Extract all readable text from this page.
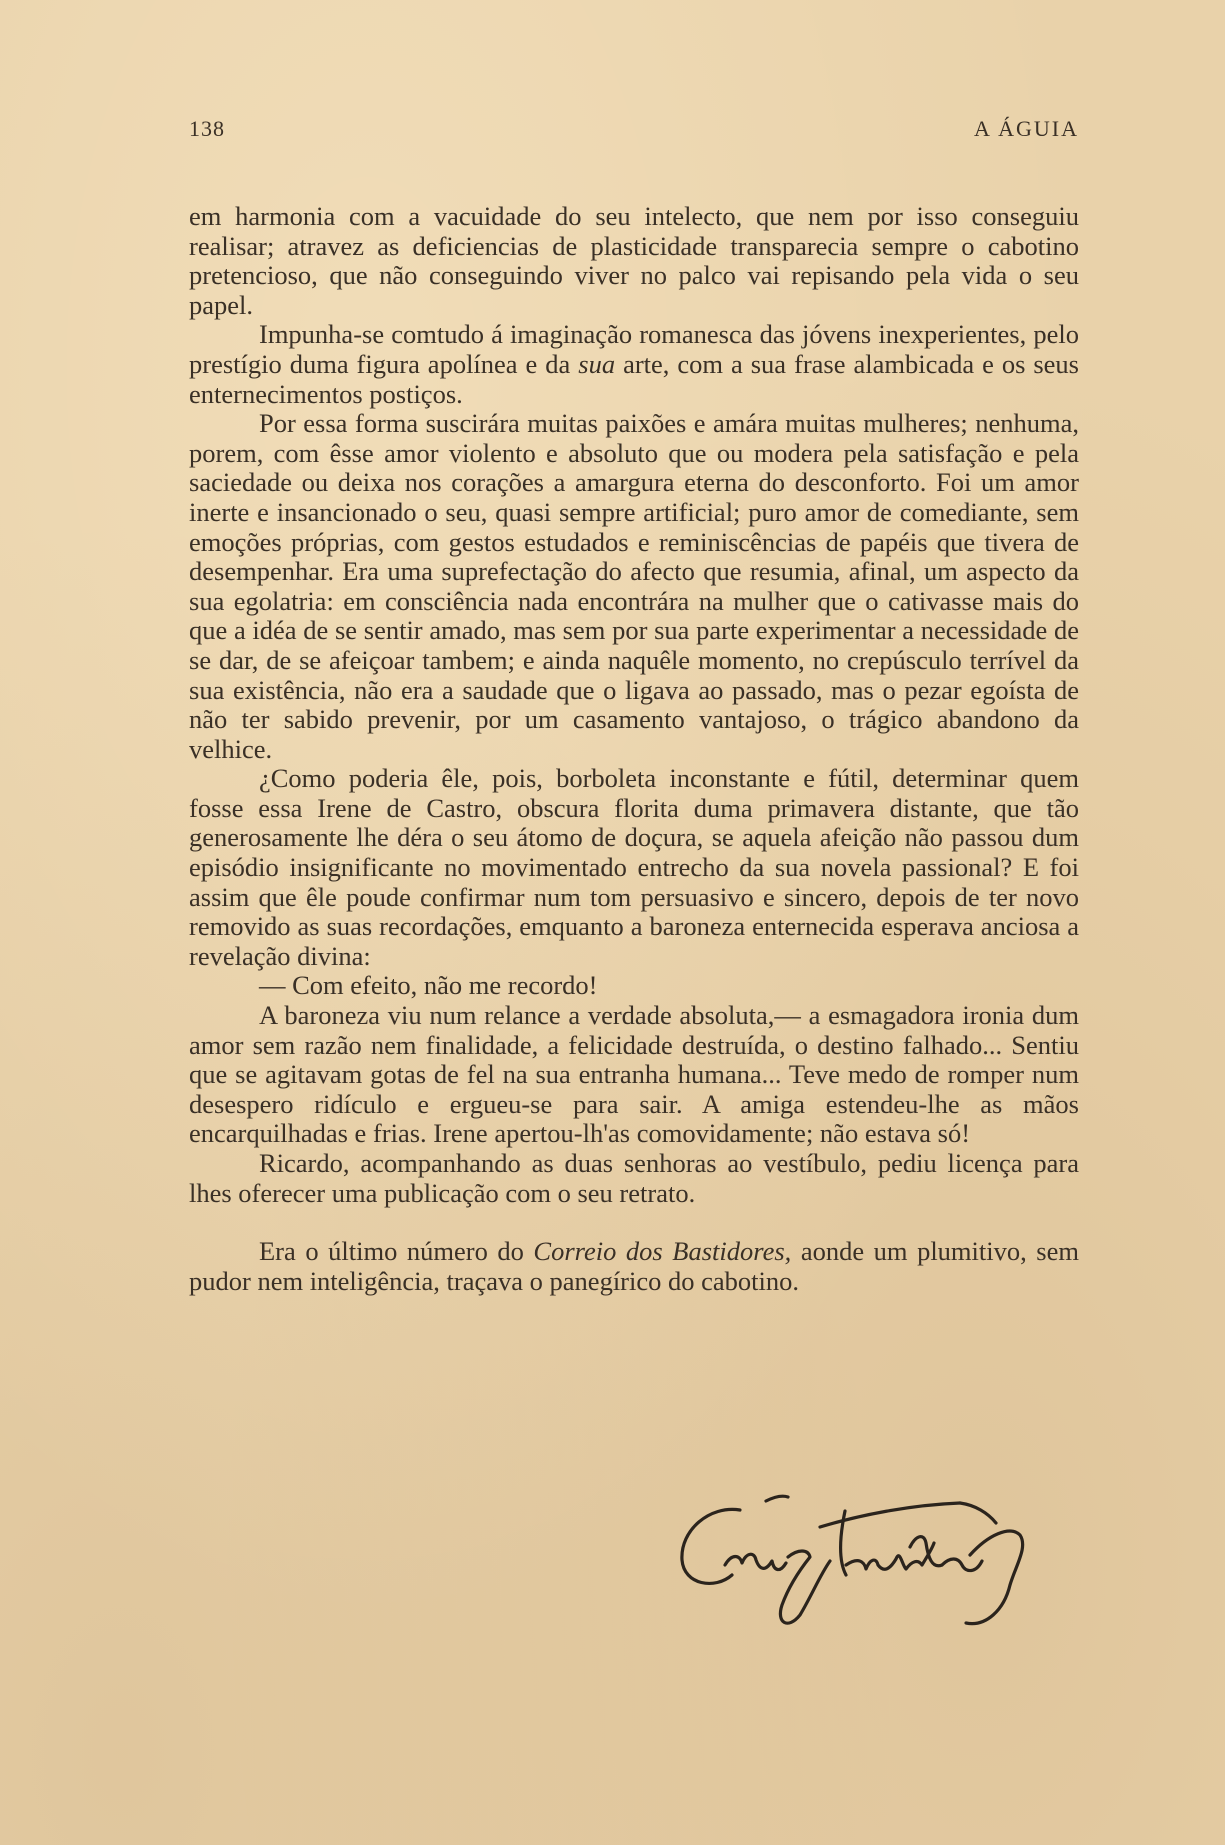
138	A ÁGUIA

em harmonia com a vacuidade do seu intelecto, que nem por isso conseguiu realisar; atravez as deficiencias de plasticidade transparecia sempre o cabotino pretencioso, que não conseguindo viver no palco vai repisando pela vida o seu papel.

Impunha-se comtudo á imaginação romanesca das jóvens inexperientes, pelo prestígio duma figura apolínea e da sua arte, com a sua frase alambicada e os seus enternecimentos postiços.

Por essa forma suscirára muitas paixões e amára muitas mulheres; nenhuma, porem, com êsse amor violento e absoluto que ou modera pela satisfação e pela saciedade ou deixa nos corações a amargura eterna do desconforto. Foi um amor inerte e insancionado o seu, quasi sempre artificial; puro amor de comediante, sem emoções próprias, com gestos estudados e reminiscências de papéis que tivera de desempenhar. Era uma suprefectação do afecto que resumia, afinal, um aspecto da sua egolatria: em consciência nada encontrára na mulher que o cativasse mais do que a idéa de se sentir amado, mas sem por sua parte experimentar a necessidade de se dar, de se afeiçoar tambem; e ainda naquêle momento, no crepúsculo terrível da sua existência, não era a saudade que o ligava ao passado, mas o pezar egoísta de não ter sabido prevenir, por um casamento vantajoso, o trágico abandono da velhice.

¿Como poderia êle, pois, borboleta inconstante e fútil, determinar quem fosse essa Irene de Castro, obscura florita duma primavera distante, que tão generosamente lhe déra o seu átomo de doçura, se aquela afeição não passou dum episódio insignificante no movimentado entrecho da sua novela passional? E foi assim que êle poude confirmar num tom persuasivo e sincero, depois de ter novo removido as suas recordações, emquanto a baroneza enternecida esperava anciosa a revelação divina:

— Com efeito, não me recordo!

A baroneza viu num relance a verdade absoluta,— a esmagadora ironia dum amor sem razão nem finalidade, a felicidade destruída, o destino falhado... Sentiu que se agitavam gotas de fel na sua entranha humana... Teve medo de romper num desespero ridículo e ergueu-se para sair. A amiga estendeu-lhe as mãos encarquilhadas e frias. Irene apertou-lh'as comovidamente; não estava só!

Ricardo, acompanhando as duas senhoras ao vestíbulo, pediu licença para lhes oferecer uma publicação com o seu retrato.

Era o último número do Correio dos Bastidores, aonde um plumitivo, sem pudor nem inteligência, traçava o panegírico do cabotino.
